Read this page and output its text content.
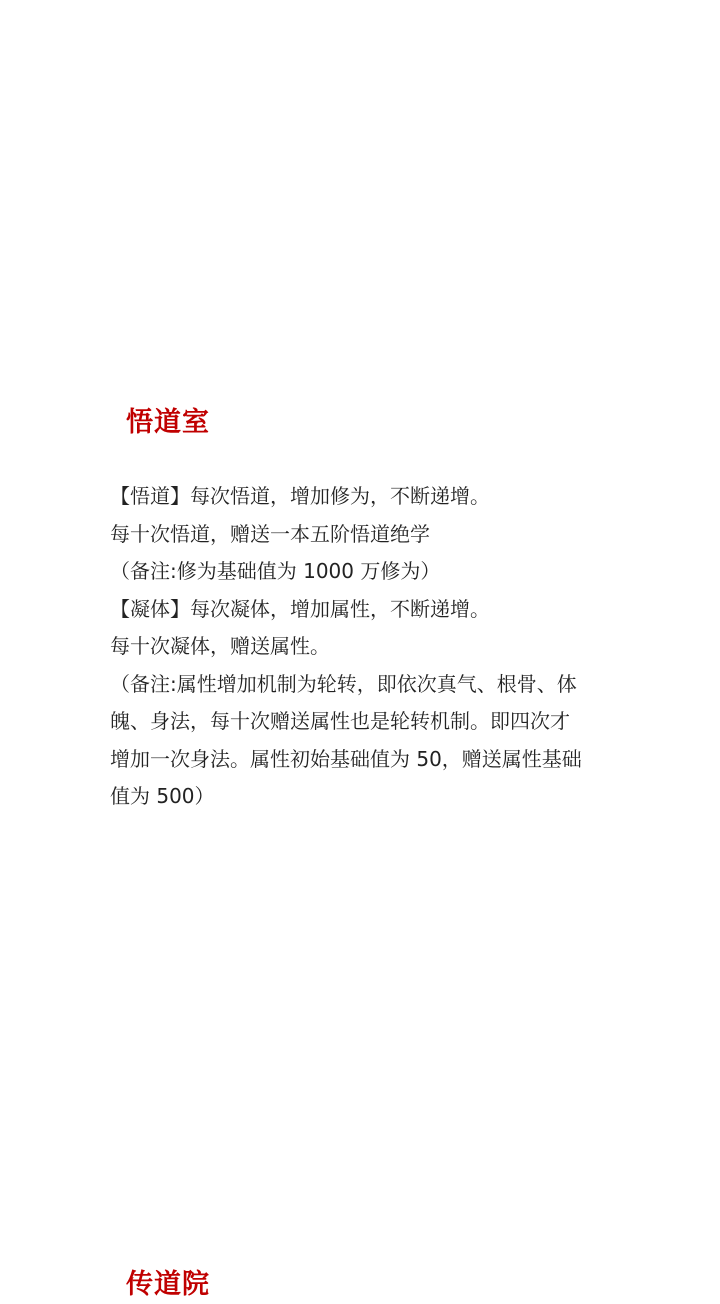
悟道室

【悟道】每次悟道，增加修为，不断递增。

每十次悟道，赠送一本五阶悟道绝学

（备注:修为基础值为 1000 万修为）

【凝体】每次凝体，增加属性，不断递增。

每十次凝体，赠送属性。

（备注:属性增加机制为轮转，即依次真气、根骨、体

魄、身法，每十次赠送属性也是轮转机制。即四次才

增加一次身法。属性初始基础值为 50，赠送属性基础

值为 500）

传道院
